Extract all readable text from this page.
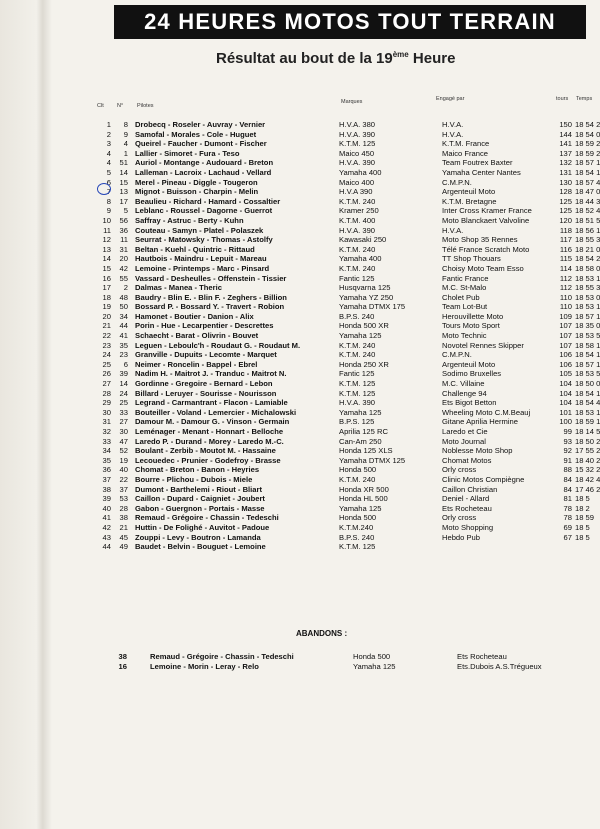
24 HEURES MOTOS TOUT TERRAIN
Résultat au bout de la 19ème Heure
Clt N°	Pilotes
Marques	Engagé par	tours Temps
1	8 Drobecq - Roseler - Auvray - Vernier	H.V.A. 380	H.V.A.	150 18 54 2
2	9 Samofal - Morales - Cole - Huguet	H.V.A. 390	H.V.A.	144 18 54 0
3	4 Queirel - Faucher - Dumont - Fischer	K.T.M. 125	K.T.M. France	141 18 59 2
4	1 Lallier - Simoret - Fura - Teso	Maico 450	Maico France	137 18 59 2
4	51 Auriol - Montange - Audouard - Breton	H.V.A. 390	Team Foutrex Baxter	132 18 57 1
5	14 Lalleman - Lacroix - Lachaud - Vellard	Yamaha 400	Yamaha Center Nantes	131 18 54 1
6	15 Merel - Pineau - Diggle - Tougeron	Maico 400	C.M.P.N.	130 18 57 4
7	13 Mignot - Buisson - Charpin - Melin	H.V.A 390	Argenteuil Moto	128 18 47 0
8	17 Beaulieu - Richard - Hamard - Cossaltier	K.T.M. 240	K.T.M. Bretagne	125 18 44 3
9	5 Leblanc - Roussel - Dagorne - Guerrot	Kramer 250	Inter Cross Kramer France	125 18 52 4
10	56 Saffray - Astruc - Berty - Kuhn	K.T.M. 400	Moto Blanckaert Valvoline	120 18 51 5
11	36 Couteau - Samyn - Platel - Polaszek	H.V.A. 390	H.V.A.	118 18 56 1
12	11 Seurrat - Matowsky - Thomas - Astolfy	Kawasaki 250	Moto Shop 35 Rennes	117 18 55 3
13	31 Beltan - Kuehl - Quintric - Rittaud	K.T.M. 240	Télé France Scratch Moto	116 18 21 0
14	20 Hautbois - Maindru - Lepuit - Mareau	Yamaha 400	TT Shop Thouars	115 18 54 2
15	42 Lemoine - Printemps - Marc - Pinsard	K.T.M. 240	Choisy Moto Team Esso	114 18 58 0
16	55 Vassard - Desheulles - Offenstein - Tissier	Fantic 125	Fantic France	112 18 53 1
17	2 Dalmas - Manea - Theric	Husqvarna 125	M.C. St-Malo	112 18 55 3
18	48 Baudry - Blin E. - Blin F. - Zeghers - Billion	Yamaha YZ 250	Cholet Pub	110 18 53 0
19	50 Bossard P. - Bossard Y. - Travert - Robion	Yamaha DTMX 175	Team Lot-But	110 18 53 1
20	34 Hamonet - Boutier - Danion - Alix	B.P.S. 240	Herouvillette Moto	109 18 57 1
21	44 Porin - Hue - Lecarpentier - Descrettes	Honda 500 XR	Tours Moto Sport	107 18 35 0
22	41 Schaecht - Barat - Olivrin - Bouvet	Yamaha 125	Moto Technic	107 18 53 5
23	35 Leguen - Leboulc'h - Roudaut G. - Roudaut M.	K.T.M. 240	Novotel Rennes Skipper	107 18 58 1
24	23 Granville - Dupuits - Lecomte - Marquet	K.T.M. 240	C.M.P.N.	106 18 54 1
25	6 Neimer - Roncelin - Bappel - Ebrel	Honda 250 XR	Argenteuil Moto	106 18 57 1
26	39 Nadim H. - Maitrot J. - Tranduc - Maitrot N.	Fantic 125	Sodimo Bruxelles	105 18 53 5
27	14 Gordinne - Gregoire - Bernard - Lebon	K.T.M. 125	M.C. Villaine	104 18 50 0
28	24 Billard - Leruyer - Sourisse - Nourisson	K.T.M. 125	Challenge 94	104 18 54 1
29	25 Legrand - Carmantrant - Flacon - Lamiable	H.V.A. 390	Ets Bigot Betton	104 18 54 4
30	33 Bouteiller - Voland - Lemercier - Michalowski	Yamaha 125	Wheeling Moto C.M.Beauj	101 18 53 1
31	27 Damour M. - Damour G. - Vinson - Germain	B.P.S. 125	Gitane Aprilia Hermine	100 18 59 1
32	30 Leménager - Menant - Honnart - Belloche	Aprilia 125 RC	Laredo et Cie	99 18 14 5
33	47 Laredo P. - Durand - Morey - Laredo M.-C.	Can-Am 250	Moto Journal	93 18 50 2
34	52 Boulant - Zerbib - Moutot M. - Hassaine	Honda 125 XLS	Noblesse Moto Shop	92 17 55 2
35	19 Lecouedec - Prunier - Godefroy - Brasse	Yamaha DTMX 125	Chomat Motos	91 18 40 2
36	40 Chomat - Breton - Banon - Heyries	Honda 500	Orly cross	88 15 32 2
37	22 Bourre - Plichou - Dubois - Miele	K.T.M. 240	Clinic Motos Compiègne	84 18 42 4
38	37 Dumont - Barthelemi - Riout - Bliart	Honda XR 500	Caillon Christian	84 17 46 2
39	53 Caillon - Dupard - Caigniet - Joubert	Honda HL 500	Deniel - Allard	81 18 5
40	28 Gabon - Guergnon - Portais - Masse	Yamaha 125	Ets Rocheteau	78 18 2
41	38 Remaud - Grégoire - Chassin - Tedeschi	Honda 500	Orly cross	78 18 59
42	21 Huttin - De Folighé - Auvitot - Padoue	K.T.M.240	Moto Shopping	69 18 5
43	45 Zouppi - Levy - Boutron - Lamanda	B.P.S. 240	Hebdo Pub	67 18 5
44	49 Baudet - Belvin - Bouguet - Lemoine	K.T.M. 125
ABANDONS :
38	Remaud - Grégoire - Chassin - Tedeschi	Honda 500	Ets Rocheteau
16	Lemoine - Morin - Leray - Relo	Yamaha 125	Ets.Dubois A.S.Trégueux
